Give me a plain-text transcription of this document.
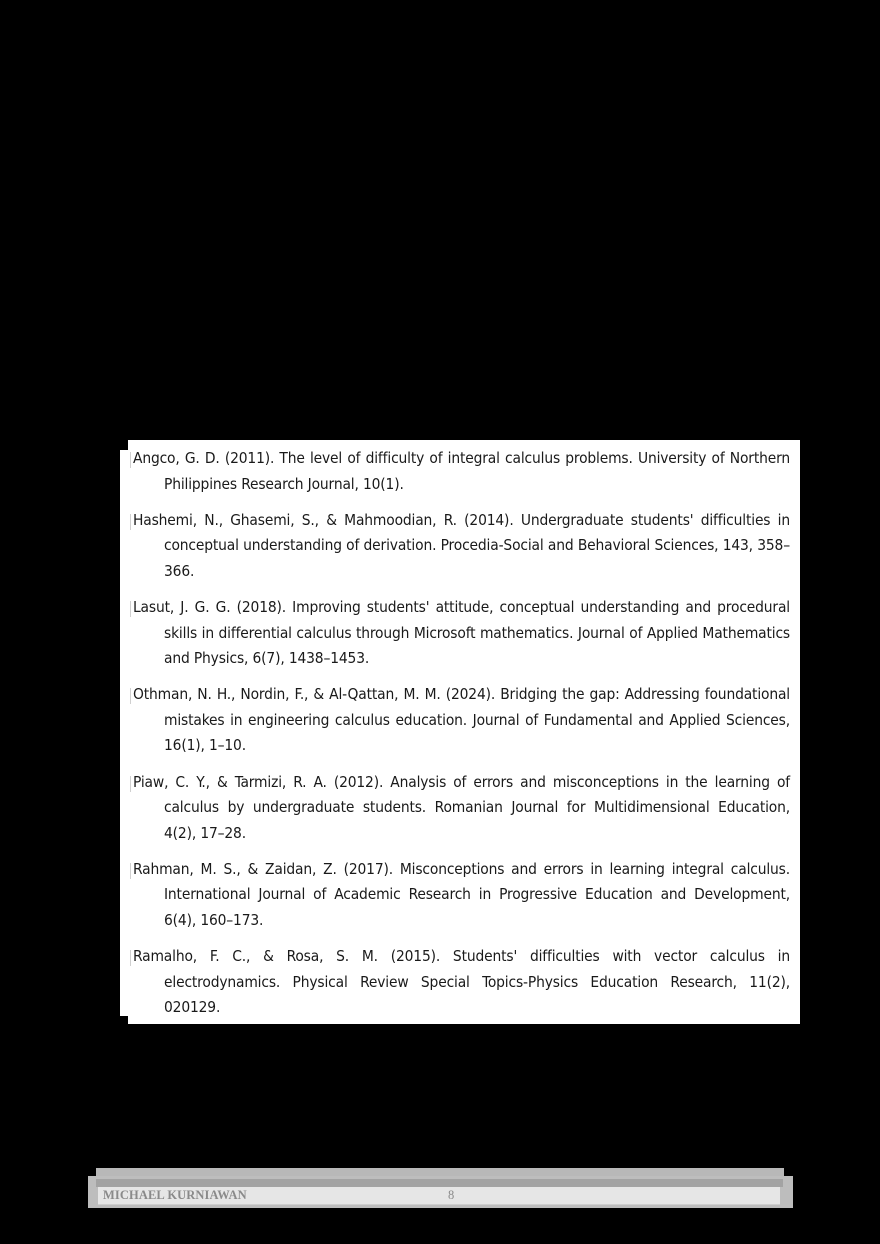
Angco, G. D. (2011). The level of difficulty of integral calculus problems. University of Northern Philippines Research Journal, 10(1).
Hashemi, N., Ghasemi, S., & Mahmoodian, R. (2014). Undergraduate students' difficulties in conceptual understanding of derivation. Procedia-Social and Behavioral Sciences, 143, 358–366.
Lasut, J. G. G. (2018). Improving students' attitude, conceptual understanding and procedural skills in differential calculus through Microsoft mathematics. Journal of Applied Mathematics and Physics, 6(7), 1438–1453.
Othman, N. H., Nordin, F., & Al-Qattan, M. M. (2024). Bridging the gap: Addressing foundational mistakes in engineering calculus education. Journal of Fundamental and Applied Sciences, 16(1), 1–10.
Piaw, C. Y., & Tarmizi, R. A. (2012). Analysis of errors and misconceptions in the learning of calculus by undergraduate students. Romanian Journal for Multidimensional Education, 4(2), 17–28.
Rahman, M. S., & Zaidan, Z. (2017). Misconceptions and errors in learning integral calculus. International Journal of Academic Research in Progressive Education and Development, 6(4), 160–173.
Ramalho, F. C., & Rosa, S. M. (2015). Students' difficulties with vector calculus in electrodynamics. Physical Review Special Topics-Physics Education Research, 11(2), 020129.
MICHAEL KURNIAWAN	8
